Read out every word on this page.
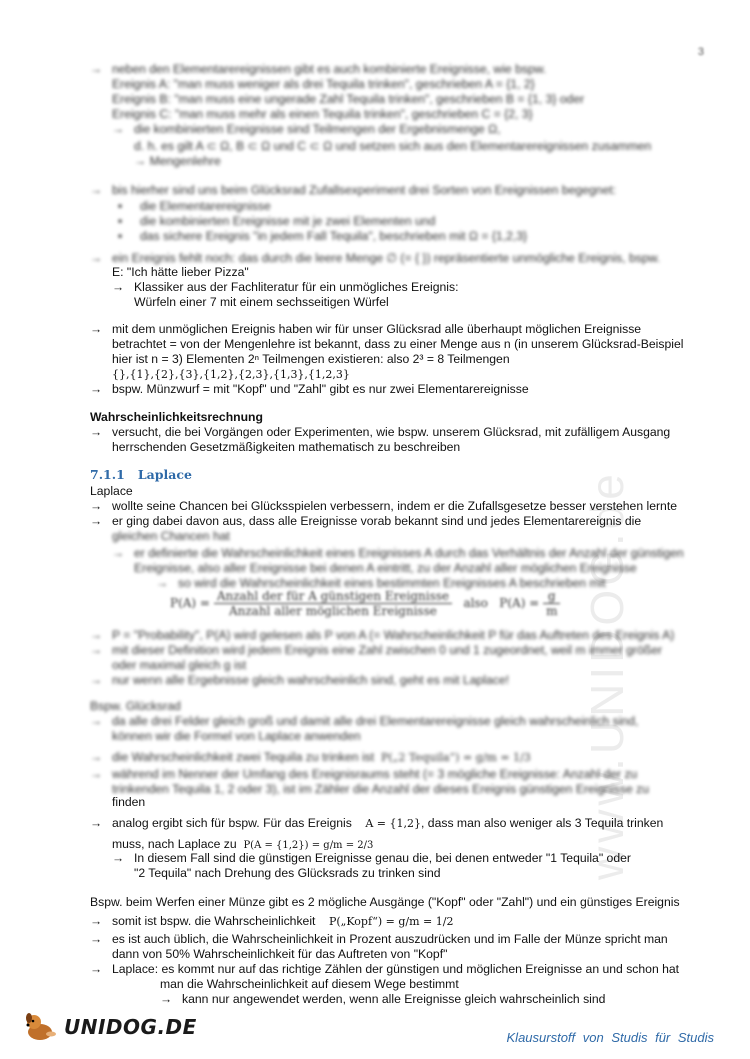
3
www.UNIDOG.de
→ neben den Elementarereignissen gibt es auch kombinierte Ereignisse, wie bspw.
Ereignis A: "man muss weniger als drei Tequila trinken", geschrieben A = {1, 2}
Ereignis B: "man muss eine ungerade Zahl Tequila trinken", geschrieben B = {1, 3} oder
Ereignis C: "man muss mehr als einen Tequila trinken", geschrieben C = {2, 3}
→ die kombinierten Ereignisse sind Teilmengen der Ergebnismenge Ω,
d. h. es gilt A ⊂ Ω, B ⊂ Ω und C ⊂ Ω und setzen sich aus den Elementarereignissen zusammen
→ Mengenlehre
→ bis hierher sind uns beim Glücksrad Zufallsexperiment drei Sorten von Ereignissen begegnet:
▪ die Elementarereignisse
▪ die kombinierten Ereignisse mit je zwei Elementen und
▪ das sichere Ereignis "in jedem Fall Tequila", beschrieben mit Ω = {1,2,3}
→ ein Ereignis fehlt noch: das durch die leere Menge ∅ (= { }) repräsentierte unmögliche Ereignis, bspw.
E: "Ich hätte lieber Pizza"
→ Klassiker aus der Fachliteratur für ein unmögliches Ereignis:
Würfeln einer 7 mit einem sechsseitigen Würfel
→ mit dem unmöglichen Ereignis haben wir für unser Glücksrad alle überhaupt möglichen Ereignisse
betrachtet = von der Mengenlehre ist bekannt, dass zu einer Menge aus n (in unserem Glücksrad-Beispiel
hier ist n = 3) Elementen 2ⁿ Teilmengen existieren: also 2³ = 8 Teilmengen
{},{1},{2},{3},{1,2},{2,3},{1,3},{1,2,3}
→ bspw. Münzwurf = mit "Kopf" und "Zahl" gibt es nur zwei Elementarereignisse
Wahrscheinlichkeitsrechnung
→ versucht, die bei Vorgängen oder Experimenten, wie bspw. unserem Glücksrad, mit zufälligem Ausgang
herrschenden Gesetzmäßigkeiten mathematisch zu beschreiben
7.1.1 Laplace
Laplace
→ wollte seine Chancen bei Glücksspielen verbessern, indem er die Zufallsgesetze besser verstehen lernte
→ er ging dabei davon aus, dass alle Ereignisse vorab bekannt sind und jedes Elementarereignis die
gleichen Chancen hat
→ er definierte die Wahrscheinlichkeit eines Ereignisses A durch das Verhältnis der Anzahl der günstigen
Ereignisse, also aller Ereignisse bei denen A eintritt, zu der Anzahl aller möglichen Ereignisse
→ so wird die Wahrscheinlichkeit eines bestimmten Ereignisses A beschrieben mit
$P(A) = \frac{\text{Anzahl der für A günstigen Ereignisse}}{\text{Anzahl aller möglichen Ereignisse}}$ also $P(A) = \frac{g}{m}$
→ P = "Probability", P(A) wird gelesen als P von A (= Wahrscheinlichkeit P für das Auftreten des Ereignis A)
→ mit dieser Definition wird jedem Ereignis eine Zahl zwischen 0 und 1 zugeordnet, weil m immer größer
oder maximal gleich g ist
→ nur wenn alle Ergebnisse gleich wahrscheinlich sind, geht es mit Laplace!
Bspw. Glücksrad
→ da alle drei Felder gleich groß und damit alle drei Elementarereignisse gleich wahrscheinlich sind,
können wir die Formel von Laplace anwenden
→ die Wahrscheinlichkeit zwei Tequila zu trinken ist P(„2 Tequila“) = g/m = 1/3
→ während im Nenner der Umfang des Ereignisraums steht (= 3 mögliche Ereignisse: Anzahl der zu
trinkenden Tequila 1, 2 oder 3), ist im Zähler die Anzahl der dieses Ereignis günstigen Ereignisse zu
finden
→ analog ergibt sich für bspw. Für das Ereignis A = {1,2}, dass man also weniger als 3 Tequila trinken
muss, nach Laplace zu P(A = {1,2}) = g/m = 2/3
→ In diesem Fall sind die günstigen Ereignisse genau die, bei denen entweder "1 Tequila" oder
"2 Tequila" nach Drehung des Glücksrads zu trinken sind
Bspw. beim Werfen einer Münze gibt es 2 mögliche Ausgänge ("Kopf" oder "Zahl") und ein günstiges Ereignis
→ somit ist bspw. die Wahrscheinlichkeit P(„Kopf“) = g/m = 1/2
→ es ist auch üblich, die Wahrscheinlichkeit in Prozent auszudrücken und im Falle der Münze spricht man
dann von 50% Wahrscheinlichkeit für das Auftreten von "Kopf"
→ Laplace: es kommt nur auf das richtige Zählen der günstigen und möglichen Ereignisse an und schon hat
man die Wahrscheinlichkeit auf diesem Wege bestimmt
→ kann nur angewendet werden, wenn alle Ereignisse gleich wahrscheinlich sind
UNIDOG.DE	Klausurstoff von Studis für Studis
